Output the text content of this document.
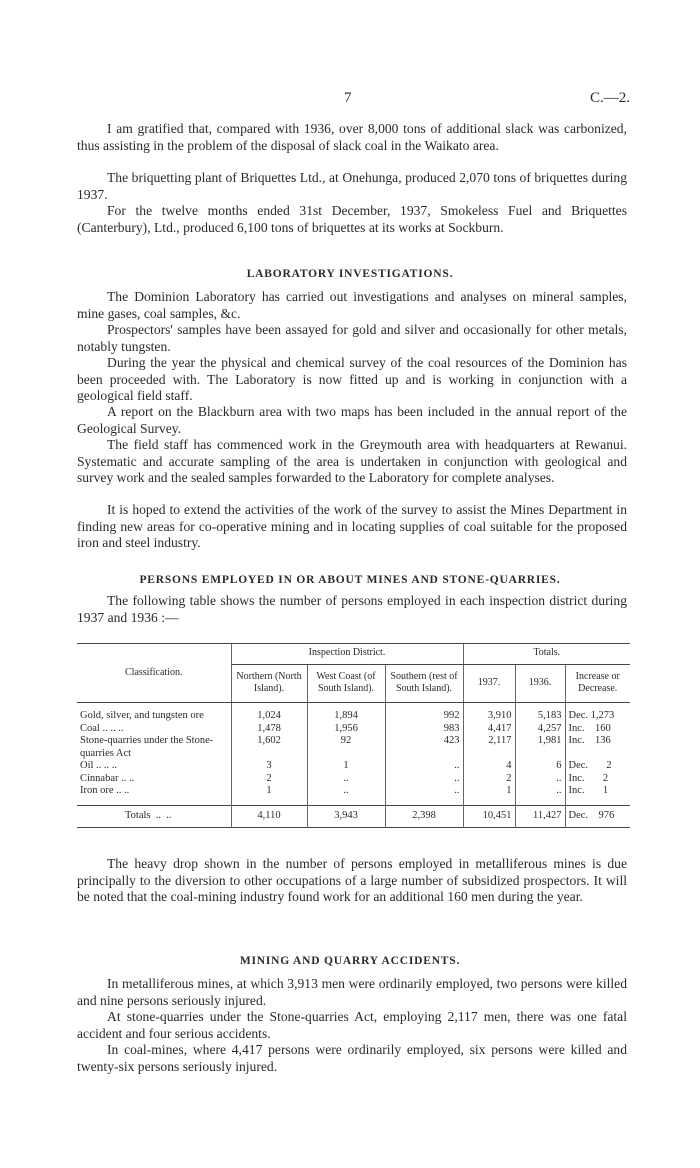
7	C.—2.

I am gratified that, compared with 1936, over 8,000 tons of additional slack was carbonized, thus assisting in the problem of the disposal of slack coal in the Waikato area.

The briquetting plant of Briquettes Ltd., at Onehunga, produced 2,070 tons of briquettes during 1937.

For the twelve months ended 31st December, 1937, Smokeless Fuel and Briquettes (Canterbury), Ltd., produced 6,100 tons of briquettes at its works at Sockburn.

LABORATORY INVESTIGATIONS.

The Dominion Laboratory has carried out investigations and analyses on mineral samples, mine gases, coal samples, &c.

Prospectors' samples have been assayed for gold and silver and occasionally for other metals, notably tungsten.

During the year the physical and chemical survey of the coal resources of the Dominion has been proceeded with. The Laboratory is now fitted up and is working in conjunction with a geological field staff.

A report on the Blackburn area with two maps has been included in the annual report of the Geological Survey.

The field staff has commenced work in the Greymouth area with headquarters at Rewanui. Systematic and accurate sampling of the area is undertaken in conjunction with geological and survey work and the sealed samples forwarded to the Laboratory for complete analyses.

It is hoped to extend the activities of the work of the survey to assist the Mines Department in finding new areas for co-operative mining and in locating supplies of coal suitable for the proposed iron and steel industry.

PERSONS EMPLOYED IN OR ABOUT MINES AND STONE-QUARRIES.

The following table shows the number of persons employed in each inspection district during 1937 and 1936 :—

Classification.	Inspection District.			Totals.		
	Northern (North Island).	West Coast (of South Island).	Southern (rest of South Island).	1937.	1936.	Increase or Decrease.

Gold, silver, and tungsten ore	1,024	1,894	992	3,910	5,183	Dec. 1,273
Coal .. .. ..	1,478	1,956	983	4,417	4,257	Inc.    160
Stone-quarries under the Stone-quarries Act	1,602	92	423	2,117	1,981	Inc.    136
Oil .. .. ..	3	1	..	4	6	Dec.       2
Cinnabar .. ..	2	..	..	2	..	Inc.       2
Iron ore .. ..	1	..	..	1	..	Inc.       1

Totals  ..  ..	4,110	3,943	2,398	10,451	11,427	Dec.    976

The heavy drop shown in the number of persons employed in metalliferous mines is due principally to the diversion to other occupations of a large number of subsidized prospectors. It will be noted that the coal-mining industry found work for an additional 160 men during the year.

MINING AND QUARRY ACCIDENTS.

In metalliferous mines, at which 3,913 men were ordinarily employed, two persons were killed and nine persons seriously injured.

At stone-quarries under the Stone-quarries Act, employing 2,117 men, there was one fatal accident and four serious accidents.

In coal-mines, where 4,417 persons were ordinarily employed, six persons were killed and twenty-six persons seriously injured.
